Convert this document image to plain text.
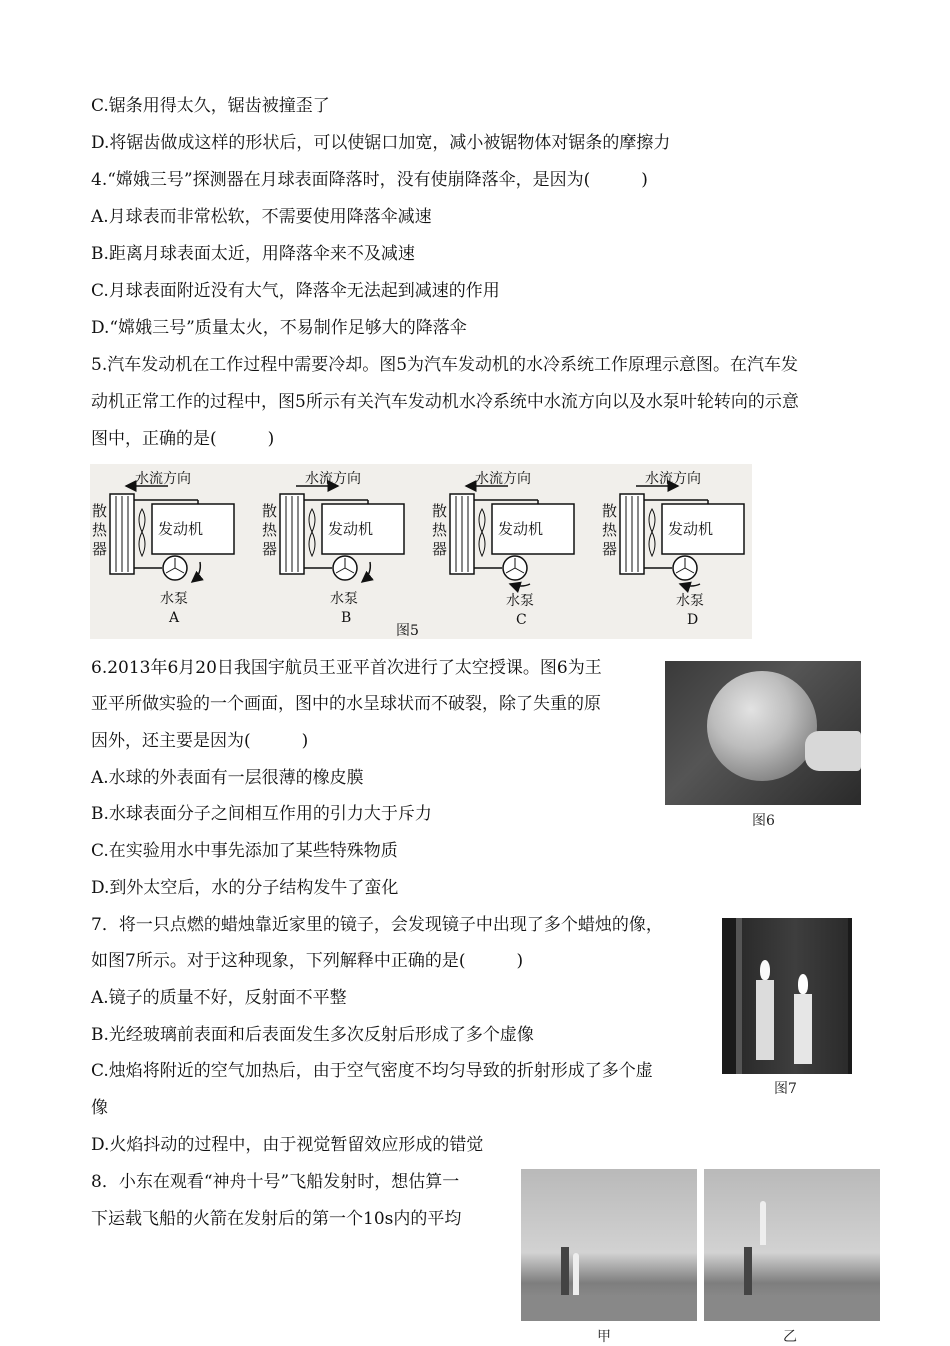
C.锯条用得太久，锯齿被撞歪了
D.将锯齿做成这样的形状后，可以使锯口加宽，减小被锯物体对锯条的摩擦力
4.“嫦娥三号”探测器在月球表面降落时，没有使崩降落伞，是因为(　　　)
A.月球表而非常松软，不需要使用降落伞减速
B.距离月球表面太近，用降落伞来不及减速
C.月球表面附近没有大气，降落伞无法起到减速的作用
D.“嫦娥三号”质量太火，不易制作足够大的降落伞
5.汽车发动机在工作过程中需要冷却。图5为汽车发动机的水冷系统工作原理示意图。在汽车发
动机正常工作的过程中，图5所示有关汽车发动机水冷系统中水流方向以及水泵叶轮转向的示意
图中，正确的是(　　　)
水流方向
散
热
器
发动机
水泵
A
水流方向
散
热
器
发动机
水泵
B
水流方向
散
热
器
发动机
水泵
C
水流方向
散
热
器
发动机
水泵
D
图5
6.2013年6月20日我国宇航员王亚平首次进行了太空授课。图6为王
亚平所做实验的一个画面，图中的水呈球状而不破裂，除了失重的原
因外，还主要是因为(　　　)
A.水球的外表面有一层很薄的橡皮膜
B.水球表面分子之间相互作用的引力大于斥力
C.在实验用水中事先添加了某些特殊物质
D.到外太空后，水的分子结构发牛了蛮化
图6
7．将一只点燃的蜡烛靠近家里的镜子，会发现镜子中出现了多个蜡烛的像，
如图7所示。对于这种现象，下列解释中正确的是(　　　)
A.镜子的质量不好，反射面不平整
B.光经玻璃前表面和后表面发生多次反射后形成了多个虚像
C.烛焰将附近的空气加热后，由于空气密度不均匀导致的折射形成了多个虚
像
D.火焰抖动的过程中，由于视觉暂留效应形成的错觉
图7
8．小东在观看“神舟十号”飞船发射时，想估算一
下运载飞船的火箭在发射后的第一个10s内的平均
甲	乙
